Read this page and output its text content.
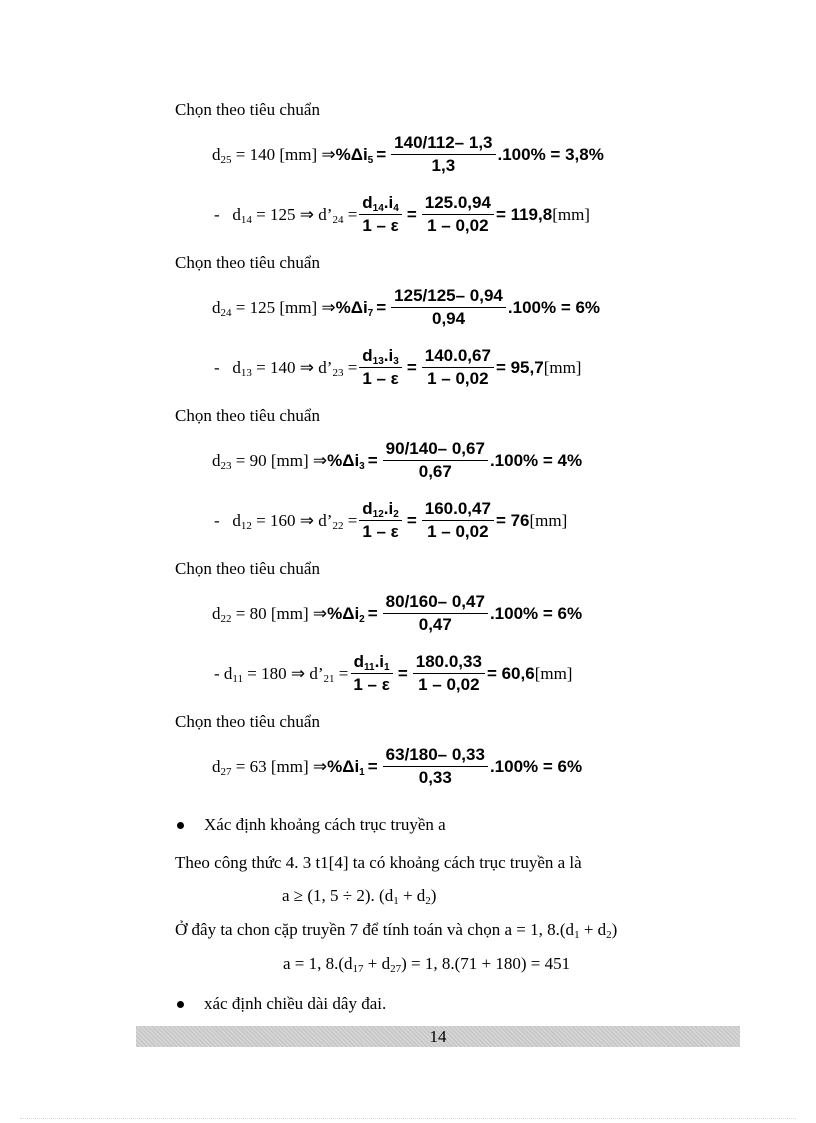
Chọn theo tiêu chuẩn
$d_{25} = 140$ [mm] ⇒ $\%\Delta i5 = \frac{140/112- 1,3}{1,3} .100\% = 3,8\%$
- $d_{14} = 125$ ⇒ $d’_{24} = \frac{d14.i4}{1 - \varepsilon} = \frac{125.0,94}{1 - 0,02} = 119,8$ [mm]
Chọn theo tiêu chuẩn
$d_{24} = 125$ [mm] ⇒ $\%\Delta i7 = \frac{125/125- 0,94}{0,94} .100\% = 6\%$
- $d_{13} = 140$ ⇒ $d’_{23} = \frac{d13.i3}{1 - \varepsilon} = \frac{140.0,67}{1 - 0,02} = 95,7$ [mm]
Chọn theo tiêu chuẩn
$d_{23} = 90$ [mm] ⇒ $\%\Delta i3 = \frac{90/140- 0,67}{0,67} .100\% = 4\%$
- $d_{12} = 160$ ⇒ $d’_{22} = \frac{d12.i2}{1 - \varepsilon} = \frac{160.0,47}{1 - 0,02} = 76$ [mm]
Chọn theo tiêu chuẩn
$d_{22} = 80$ [mm] ⇒ $\%\Delta i2 = \frac{80/160- 0,47}{0,47} .100\% = 6\%$
- $d_{11} = 180$ ⇒ $d’_{21} = \frac{d11.i1}{1 - \varepsilon} = \frac{180.0,33}{1 - 0,02} = 60,6$ [mm]
Chọn theo tiêu chuẩn
$d_{27} = 63$ [mm] ⇒ $\%\Delta i1 = \frac{63/180- 0,33}{0,33} .100\% = 6\%$
Xác định khoảng cách trục truyền a
Theo công thức 4. 3 t1[4] ta có khoảng cách trục truyền a là
a ≥ (1, 5 ÷ 2). $(d_1 + d_2)$
Ở đây ta chon cặp truyền 7 để tính toán và chọn a = 1, $8.(d_1 + d_2)$
a = 1, $8.(d_{17} + d_{27}) = 1$, 8.(71 + 180) = 451
xác định chiều dài dây đai.
14
